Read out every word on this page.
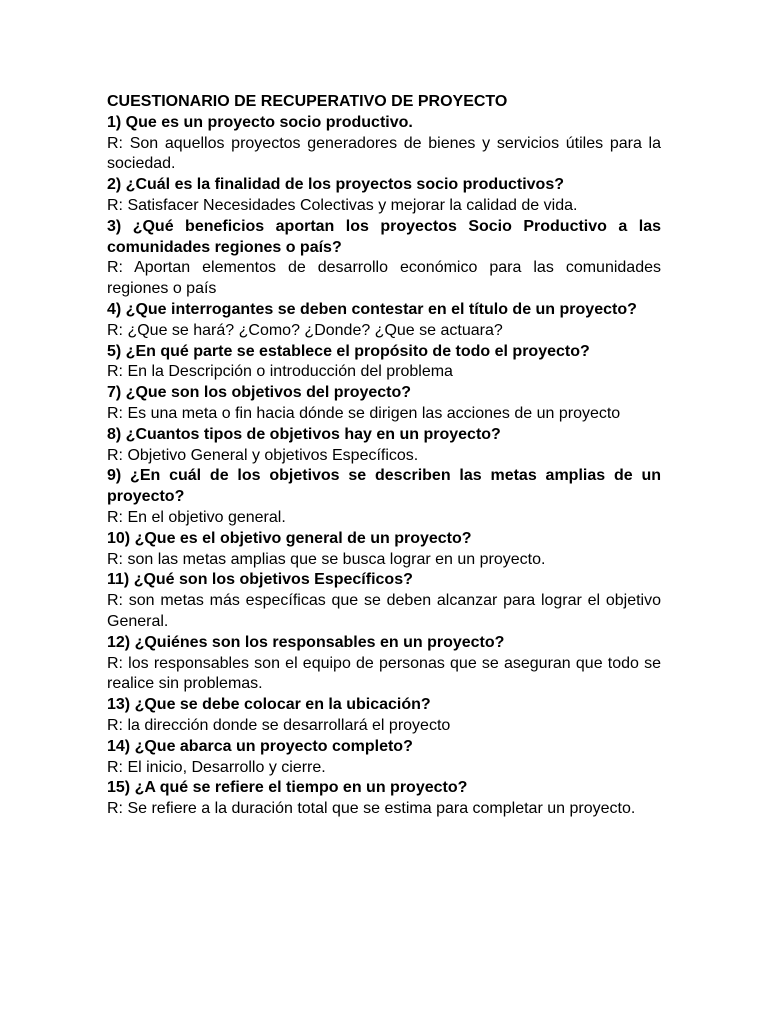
CUESTIONARIO DE RECUPERATIVO DE PROYECTO

1) Que es un proyecto socio productivo.

R: Son aquellos proyectos generadores de bienes y servicios útiles para la sociedad.

2) ¿Cuál es la finalidad de los proyectos socio productivos?

R: Satisfacer Necesidades Colectivas y mejorar la calidad de vida.

3) ¿Qué beneficios aportan los proyectos Socio Productivo a las comunidades regiones o país?

R: Aportan elementos de desarrollo económico para las comunidades regiones o país

4) ¿Que interrogantes se deben contestar en el título de un proyecto?

R: ¿Que se hará? ¿Como? ¿Donde? ¿Que se actuara?

5) ¿En qué parte se establece el propósito de todo el proyecto?

R: En la Descripción o introducción del problema

7) ¿Que son los objetivos del proyecto?

R: Es una meta o fin hacia dónde se dirigen las acciones de un proyecto

8) ¿Cuantos tipos de objetivos hay en un proyecto?

R: Objetivo General y objetivos Específicos.

9) ¿En cuál de los objetivos se describen las metas amplias de un proyecto?

R: En el objetivo general.

10) ¿Que es el objetivo general de un proyecto?

R: son las metas amplias que se busca lograr en un proyecto.

11) ¿Qué son los objetivos Específicos?

R: son metas más específicas que se deben alcanzar para lograr el objetivo General.

12) ¿Quiénes son los responsables en un proyecto?

R: los responsables son el equipo de personas que se aseguran que todo se realice sin problemas.

13) ¿Que se debe colocar en la ubicación?

R: la dirección donde se desarrollará el proyecto

14) ¿Que abarca un proyecto completo?

R: El inicio, Desarrollo y cierre.

15) ¿A qué se refiere el tiempo en un proyecto?

R: Se refiere a la duración total que se estima para completar un proyecto.
